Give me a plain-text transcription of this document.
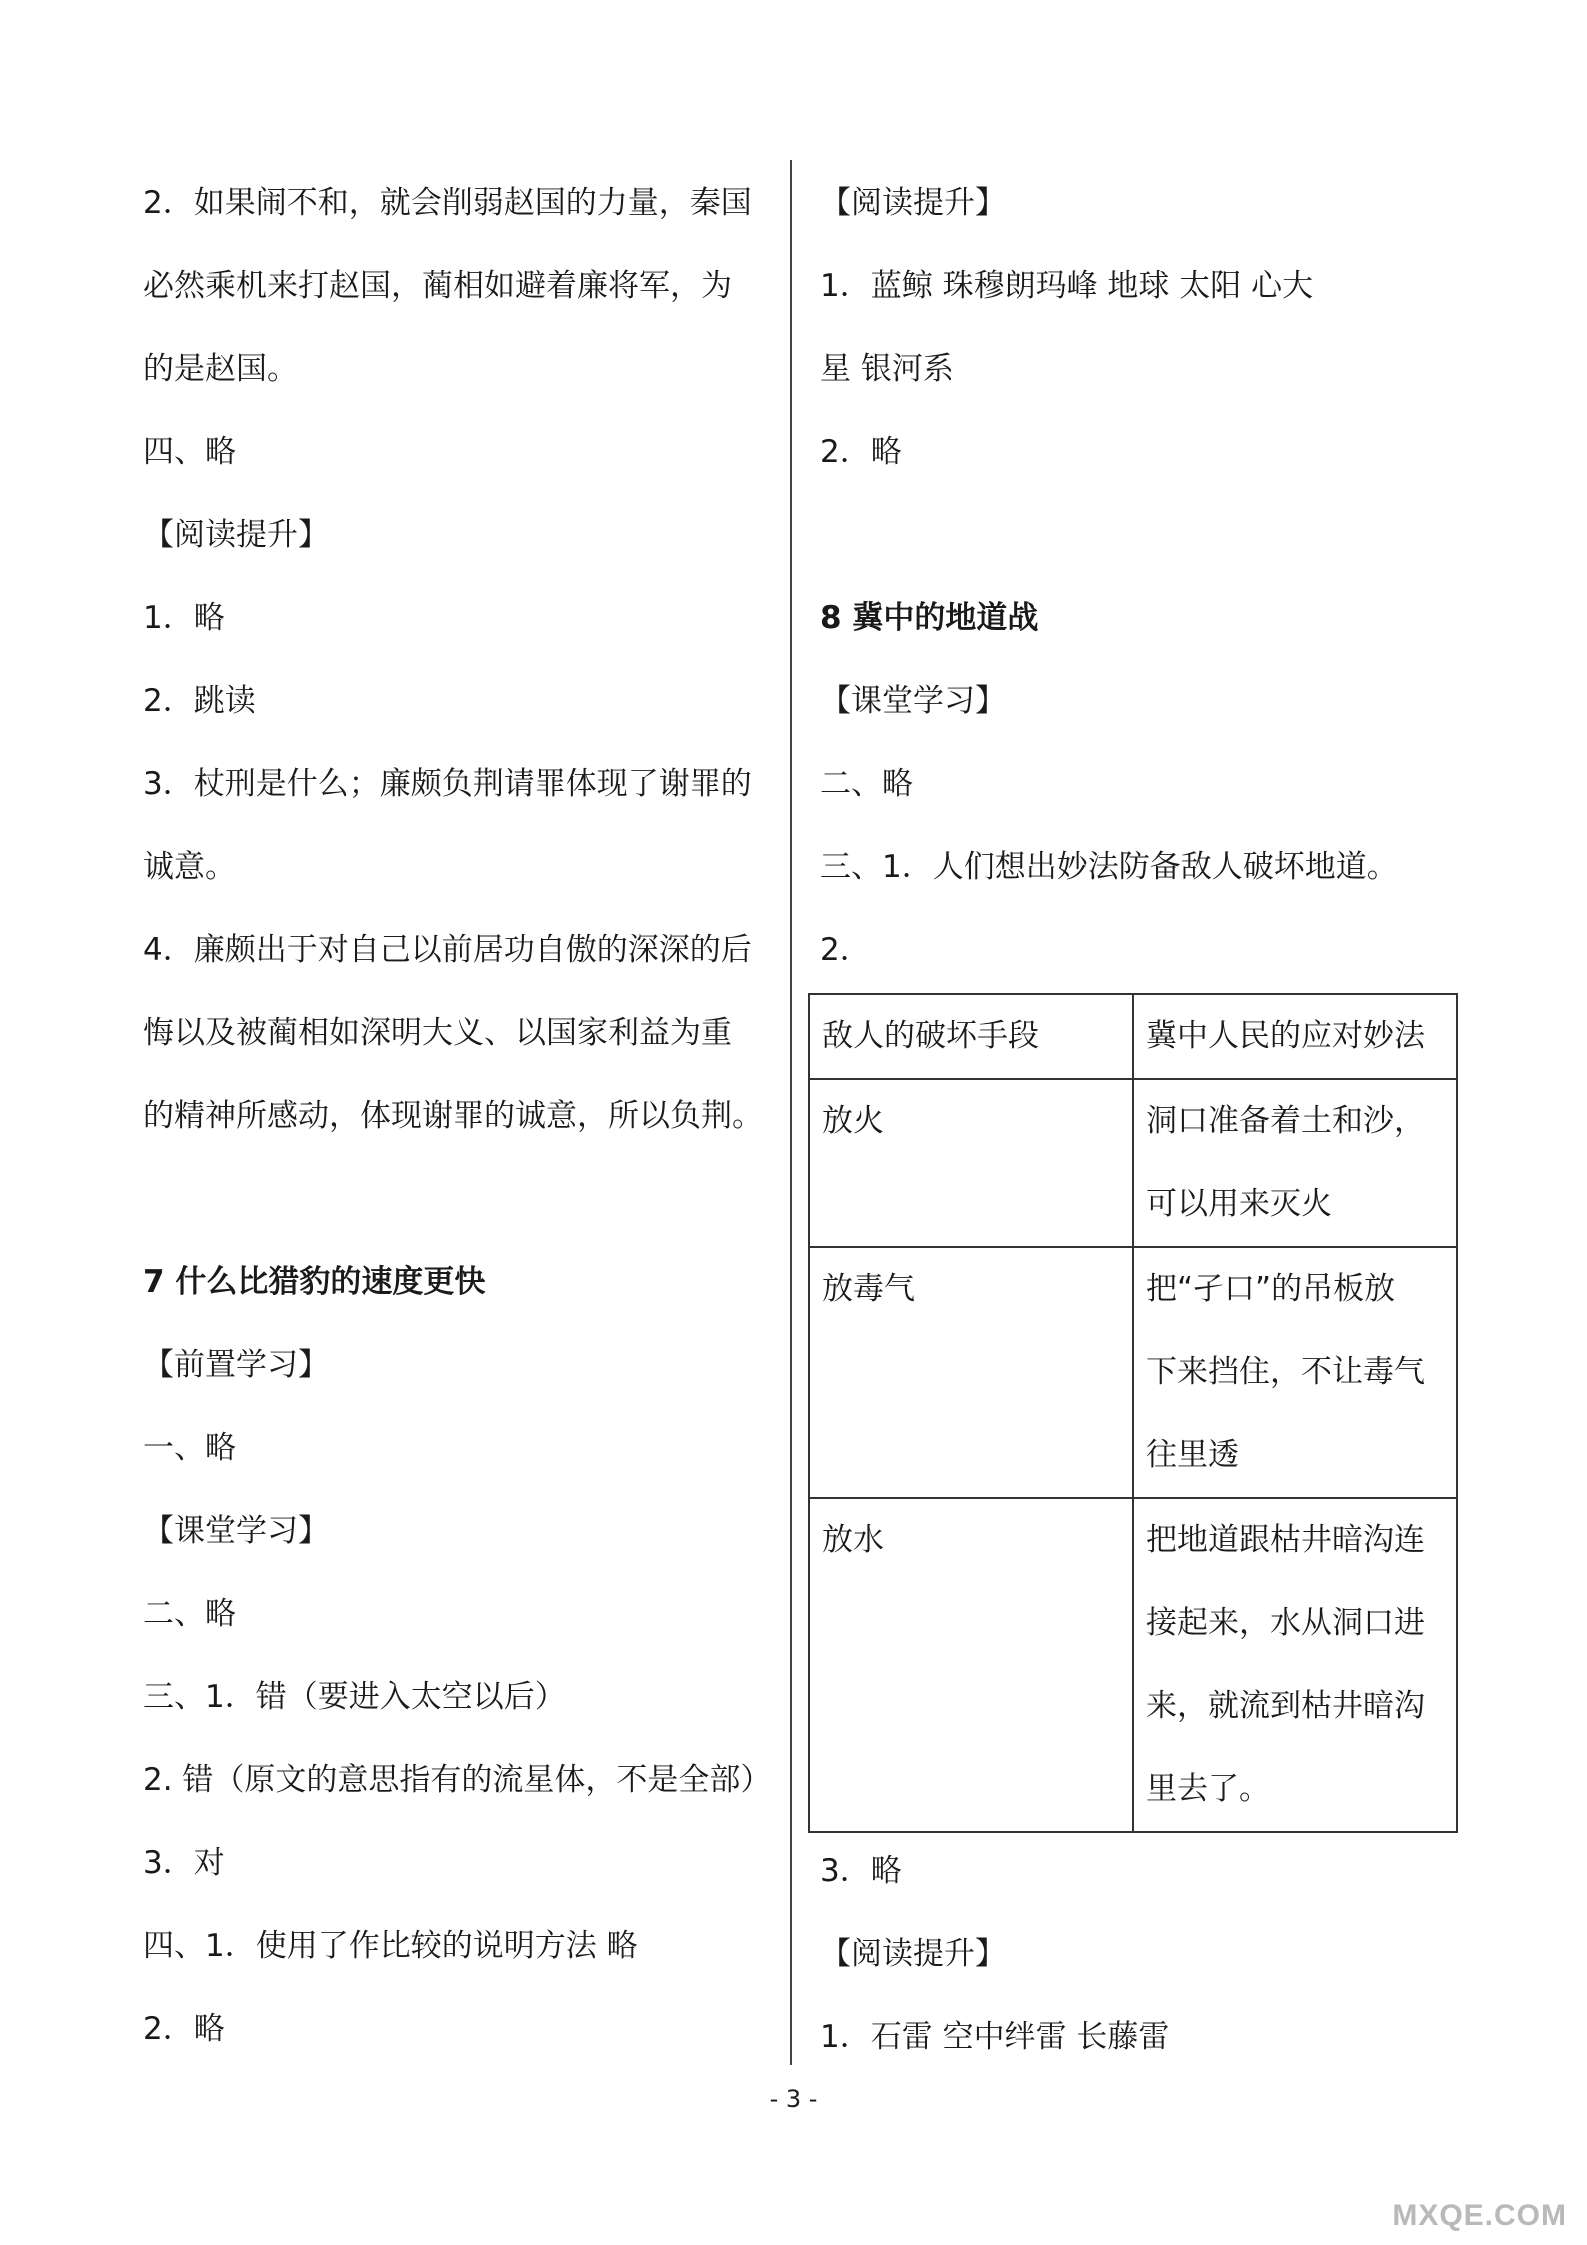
2．如果闹不和，就会削弱赵国的力量，秦国
必然乘机来打赵国，蔺相如避着廉将军，为
的是赵国。
四、略
【阅读提升】
1．略
2．跳读
3．杖刑是什么；廉颇负荆请罪体现了谢罪的
诚意。
4．廉颇出于对自己以前居功自傲的深深的后
悔以及被蔺相如深明大义、以国家利益为重
的精神所感动，体现谢罪的诚意，所以负荆。
7 什么比猎豹的速度更快
【前置学习】
一、略
【课堂学习】
二、略
三、1．错（要进入太空以后）
2. 错（原文的意思指有的流星体，不是全部）
3．对
四、1．使用了作比较的说明方法 略
2．略
【阅读提升】
1．蓝鲸 珠穆朗玛峰 地球 太阳 心大
星 银河系
2．略
8 冀中的地道战
【课堂学习】
二、略
三、1．人们想出妙法防备敌人破坏地道。
2．
敌人的破坏手段	冀中人民的应对妙法
放火	洞口准备着土和沙，
可以用来灭火

放毒气	把“孑口”的吊板放
下来挡住，不让毒气
往里透

放水	把地道跟枯井暗沟连
接起来，水从洞口进
来，就流到枯井暗沟
里去了。
3．略
【阅读提升】
1．石雷 空中绊雷 长藤雷
- 3 -
MXQE.COM
